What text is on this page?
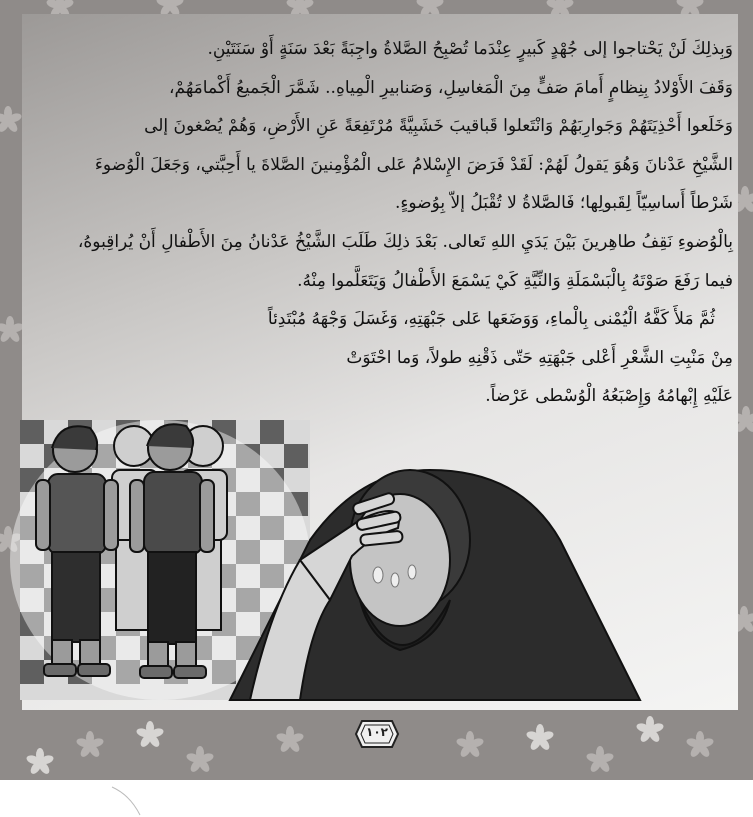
وَبِذلِكَ لَنْ يَحْتاجوا إلى جُهْدٍ كَبيرٍ عِنْدَما تُصْبِحُ الصَّلاةُ واجِبَةً بَعْدَ سَنَةٍ أَوْ سَنَتَيْنِ.
وَقَفَ الأَوْلادُ بِنِظامٍ أَمامَ صَفٍّ مِنَ الْمَغاسِلِ، وَصَنابيرِ الْمِياهِ.. شَمَّرَ الْجَميعُ أَكْمامَهُمْ،
وَخَلَعوا أَحْذِيَتَهُمْ وَجَوارِبَهُمْ وَانْتَعلوا قَباقيبَ خَشَبِيَّةً مُرْتَفِعَةً عَنِ الأَرْضِ، وَهُمْ يُصْغونَ إلى
الشَّيْخِ عَدْنانَ وَهُوَ يَقولُ لَهُمْ: لَقَدْ فَرَضَ الإِسْلامُ عَلى الْمُؤْمِنينَ الصَّلاةَ يا أَحِبَّتي، وَجَعَلَ الْوُضوءَ
شَرْطاً أَساسِيّاً لِقَبولِها؛ فَالصَّلاةُ لا تُقْبَلُ إلاّ بِوُضوءٍ.
بِالْوُضوءِ نَقِفُ طاهِرينَ بَيْنَ يَدَيِ اللهِ تَعالى. بَعْدَ ذلِكَ طَلَبَ الشَّيْخُ عَدْنانُ مِنَ الأَطْفالِ أَنْ يُراقِبوهُ،
فيما رَفَعَ صَوْتَهُ بِالْبَسْمَلَةِ وَالنِّيَّةِ كَيْ يَسْمَعَ الأَطْفالُ وَيَتَعَلَّموا مِنْهُ.
ثُمَّ مَلأَ كَفَّهُ الْيُمْنى بِالْماءِ، وَوَضَعَها عَلى جَبْهَتِهِ، وَغَسَلَ وَجْهَهُ مُبْتَدِئاً
مِنْ مَنْبِتِ الشَّعْرِ أَعْلى جَبْهَتِهِ حَتّى ذَقْنِهِ طولاً، وَما احْتَوَتْ
عَلَيْهِ إِبْهامُهُ وَإِصْبَعُهُ الْوُسْطى عَرْضاً.
١٠٢
